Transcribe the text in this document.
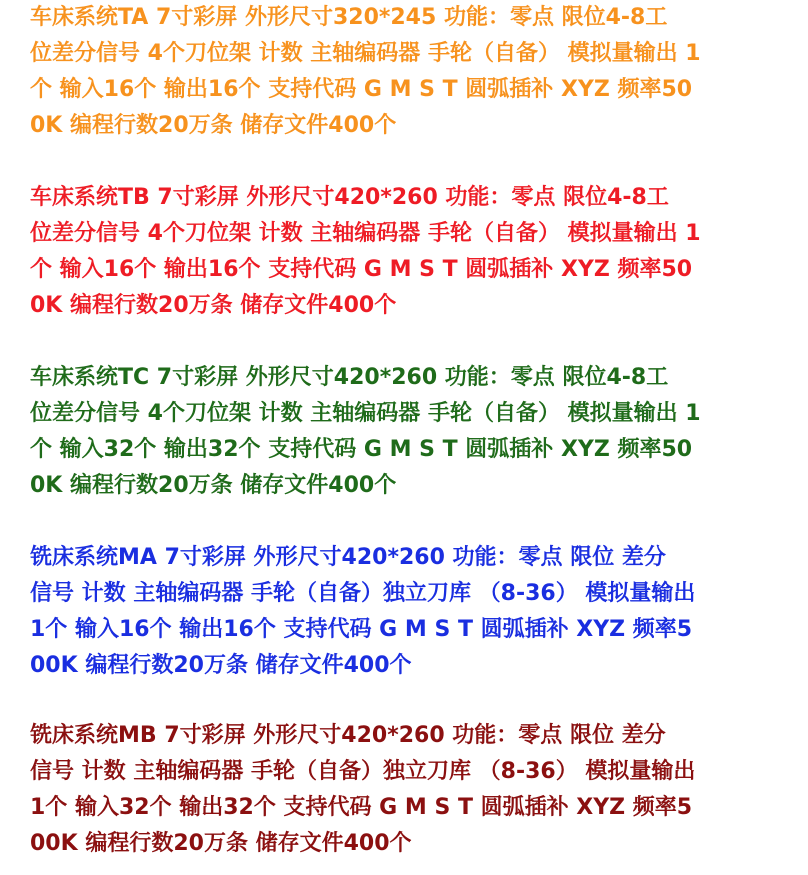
车床系统TA 7寸彩屏 外形尺寸320*245 功能：零点 限位4-8工
位差分信号 4个刀位架 计数 主轴编码器 手轮（自备） 模拟量输出 1
个 输入16个 输出16个 支持代码 G M S T 圆弧插补 XYZ 频率50
0K 编程行数20万条 储存文件400个
车床系统TB 7寸彩屏 外形尺寸420*260 功能：零点 限位4-8工
位差分信号 4个刀位架 计数 主轴编码器 手轮（自备） 模拟量输出 1
个 输入16个 输出16个 支持代码 G M S T 圆弧插补 XYZ 频率50
0K 编程行数20万条 储存文件400个
车床系统TC 7寸彩屏 外形尺寸420*260 功能：零点 限位4-8工
位差分信号 4个刀位架 计数 主轴编码器 手轮（自备） 模拟量输出 1
个 输入32个 输出32个 支持代码 G M S T 圆弧插补 XYZ 频率50
0K 编程行数20万条 储存文件400个
铣床系统MA 7寸彩屏 外形尺寸420*260 功能：零点 限位 差分
信号 计数 主轴编码器 手轮（自备）独立刀库 （8-36） 模拟量输出
1个 输入16个 输出16个 支持代码 G M S T 圆弧插补 XYZ 频率5
00K 编程行数20万条 储存文件400个
铣床系统MB 7寸彩屏 外形尺寸420*260 功能：零点 限位 差分
信号 计数 主轴编码器 手轮（自备）独立刀库 （8-36） 模拟量输出
1个 输入32个 输出32个 支持代码 G M S T 圆弧插补 XYZ 频率5
00K 编程行数20万条 储存文件400个
